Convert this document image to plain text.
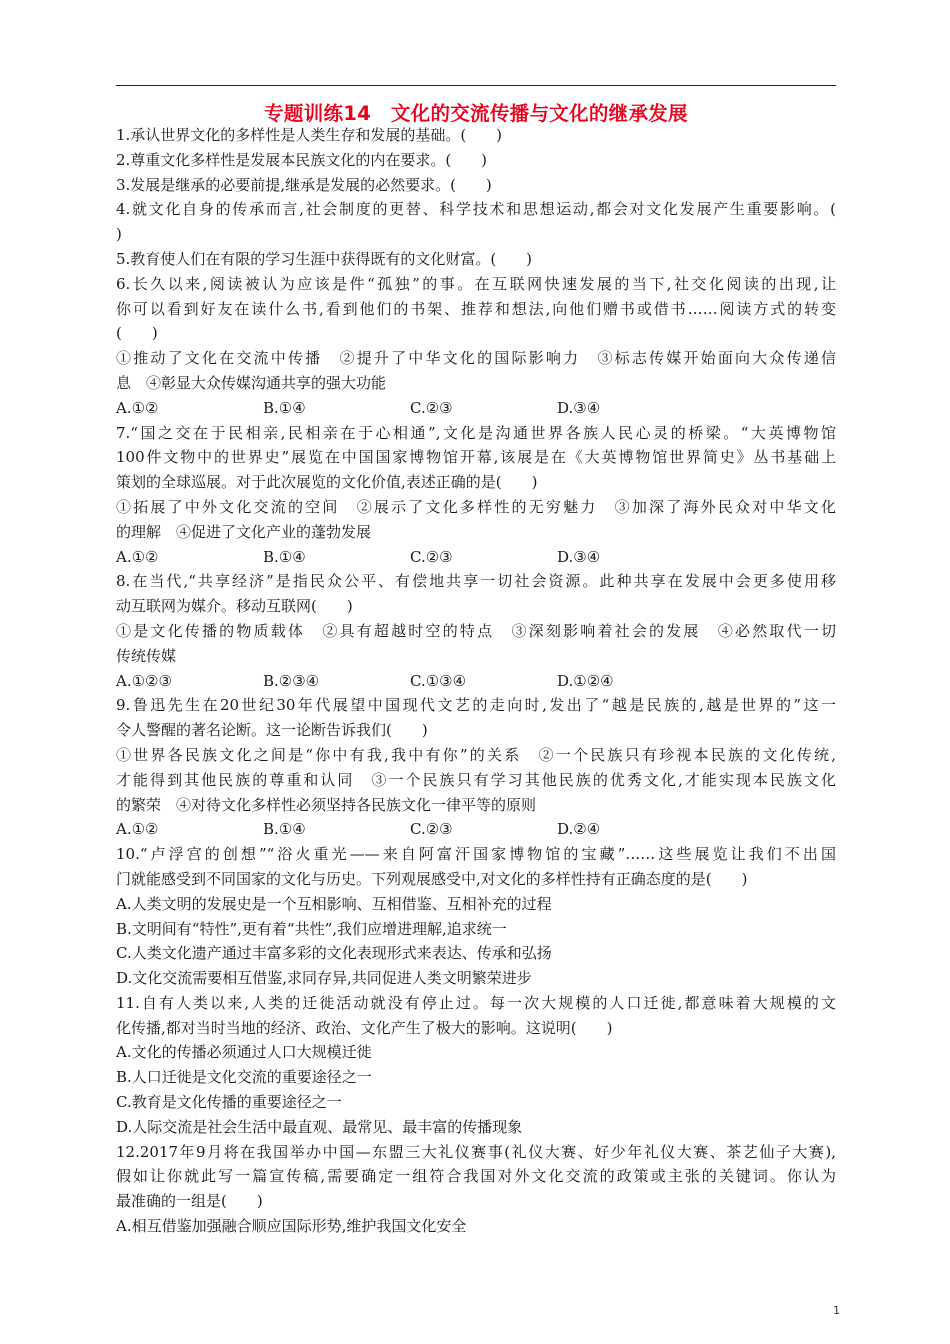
专题训练14　文化的交流传播与文化的继承发展
1.承认世界文化的多样性是人类生存和发展的基础。(　　)
2.尊重文化多样性是发展本民族文化的内在要求。(　　)
3.发展是继承的必要前提,继承是发展的必然要求。(　　)
4.就文化自身的传承而言,社会制度的更替、科学技术和思想运动,都会对文化发展产生重要影响。(
)
5.教育使人们在有限的学习生涯中获得既有的文化财富。(　　)
6.长久以来,阅读被认为应该是件“孤独”的事。在互联网快速发展的当下,社交化阅读的出现,让
你可以看到好友在读什么书,看到他们的书架、推荐和想法,向他们赠书或借书……阅读方式的转变
(　　)
①推动了文化在交流中传播　②提升了中华文化的国际影响力　③标志传媒开始面向大众传递信
息　④彰显大众传媒沟通共享的强大功能
A.①②	B.①④	C.②③	D.③④
7.“国之交在于民相亲,民相亲在于心相通”,文化是沟通世界各族人民心灵的桥梁。“大英博物馆
100件文物中的世界史”展览在中国国家博物馆开幕,该展是在《大英博物馆世界简史》丛书基础上
策划的全球巡展。对于此次展览的文化价值,表述正确的是(　　)
①拓展了中外文化交流的空间　②展示了文化多样性的无穷魅力　③加深了海外民众对中华文化
的理解　④促进了文化产业的蓬勃发展
A.①②	B.①④	C.②③	D.③④
8.在当代,“共享经济”是指民众公平、有偿地共享一切社会资源。此种共享在发展中会更多使用移
动互联网为媒介。移动互联网(　　)
①是文化传播的物质载体　②具有超越时空的特点　③深刻影响着社会的发展　④必然取代一切
传统传媒
A.①②③	B.②③④	C.①③④	D.①②④
9.鲁迅先生在20世纪30年代展望中国现代文艺的走向时,发出了“越是民族的,越是世界的”这一
令人警醒的著名论断。这一论断告诉我们(　　)
①世界各民族文化之间是“你中有我,我中有你”的关系　②一个民族只有珍视本民族的文化传统,
才能得到其他民族的尊重和认同　③一个民族只有学习其他民族的优秀文化,才能实现本民族文化
的繁荣　④对待文化多样性必须坚持各民族文化一律平等的原则
A.①②	B.①④	C.②③	D.②④
10.“卢浮宫的创想”“浴火重光——来自阿富汗国家博物馆的宝藏”……这些展览让我们不出国
门就能感受到不同国家的文化与历史。下列观展感受中,对文化的多样性持有正确态度的是(　　)
A.人类文明的发展史是一个互相影响、互相借鉴、互相补充的过程
B.文明间有“特性”,更有着“共性”,我们应增进理解,追求统一
C.人类文化遗产通过丰富多彩的文化表现形式来表达、传承和弘扬
D.文化交流需要相互借鉴,求同存异,共同促进人类文明繁荣进步
11.自有人类以来,人类的迁徙活动就没有停止过。每一次大规模的人口迁徙,都意味着大规模的文
化传播,都对当时当地的经济、政治、文化产生了极大的影响。这说明(　　)
A.文化的传播必须通过人口大规模迁徙
B.人口迁徙是文化交流的重要途径之一
C.教育是文化传播的重要途径之一
D.人际交流是社会生活中最直观、最常见、最丰富的传播现象
12.2017年9月将在我国举办中国—东盟三大礼仪赛事(礼仪大赛、好少年礼仪大赛、茶艺仙子大赛),
假如让你就此写一篇宣传稿,需要确定一组符合我国对外文化交流的政策或主张的关键词。你认为
最准确的一组是(　　)
A.相互借鉴加强融合顺应国际形势,维护我国文化安全
1
